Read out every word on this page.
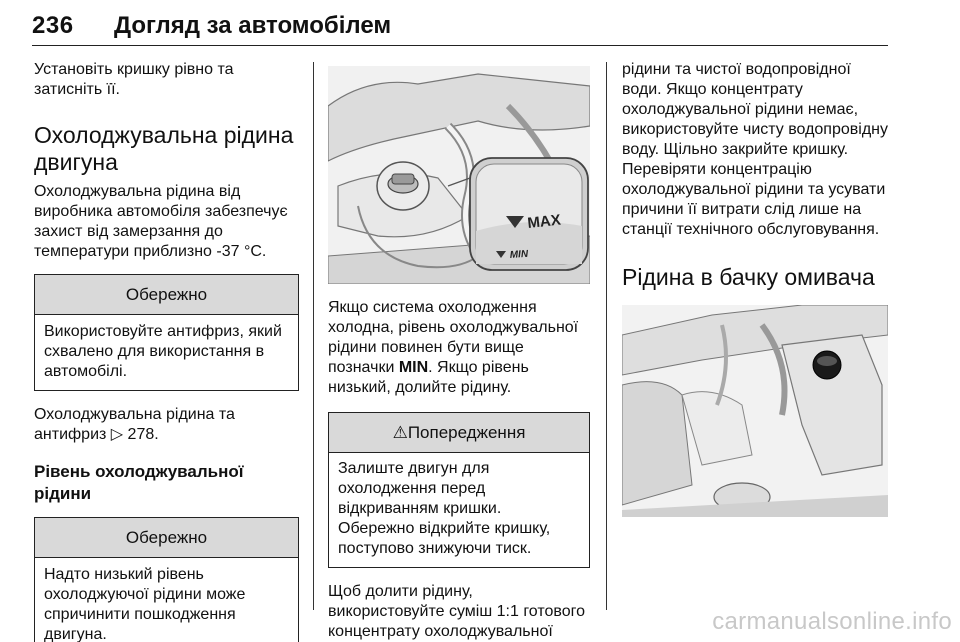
236 Догляд за автомобілем

Установіть кришку рівно та затисніть її.

Охолоджувальна рідина двигуна

Охолоджувальна рідина від виробника автомобіля забезпечує захист від замерзання до температури приблизно -37 °C.

Обережно
Використовуйте антифриз, який схвалено для використання в автомобілі.

Охолоджувальна рідина та антифриз ▷ 278.

Рівень охолоджувальної рідини
Обережно
Надто низький рівень охолоджуючої рідини може спричинити пошкодження двигуна.
MAX
MIN

Якщо система охолодження холодна, рівень охолоджувальної рідини повинен бути вище позначки MIN. Якщо рівень низький, долийте рідину.

⚠Попередження
Залиште двигун для охолодження перед відкриванням кришки. Обережно відкрийте кришку, поступово знижуючи тиск.

Щоб долити рідину, використовуйте суміш 1:1 готового концентрату охолоджувальної

рідини та чистої водопровідної води. Якщо концентрату охолоджувальної рідини немає, використовуйте чисту водопровідну воду. Щільно закрийте кришку. Перевіряти концентрацію охолоджувальної рідини та усувати причини її витрати слід лише на станції технічного обслуговування.

Рідина в бачку омивача
carmanualsonline.info
